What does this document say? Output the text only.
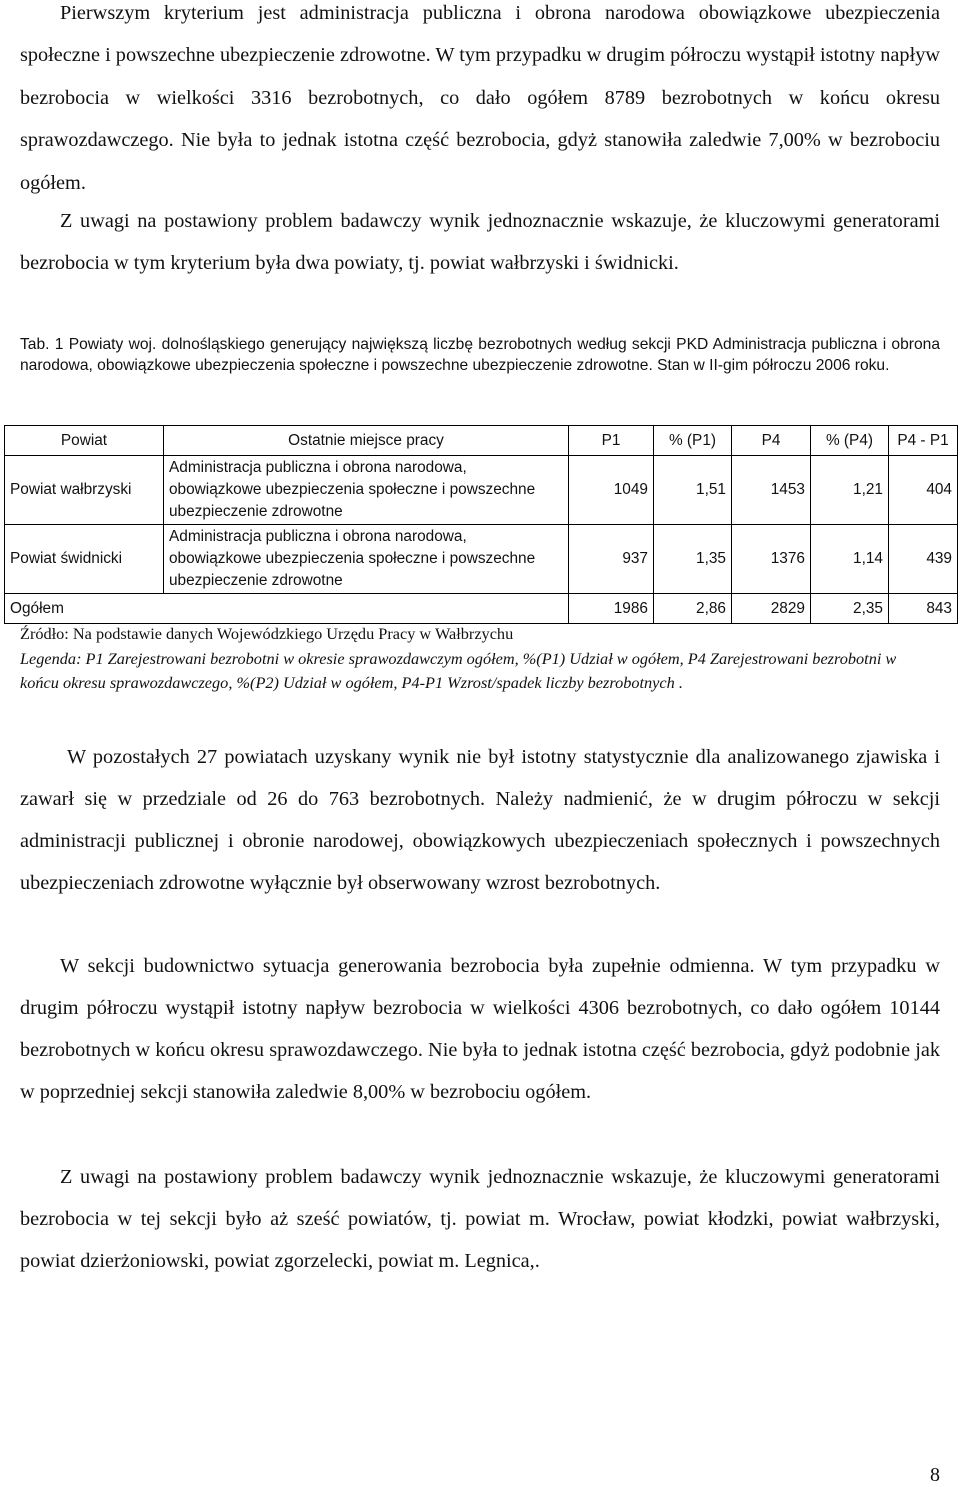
Pierwszym kryterium jest administracja publiczna i obrona narodowa obowiązkowe ubezpieczenia społeczne i powszechne ubezpieczenie zdrowotne. W tym przypadku w drugim półroczu wystąpił istotny napływ bezrobocia w wielkości 3316 bezrobotnych, co dało ogółem 8789 bezrobotnych w końcu okresu sprawozdawczego. Nie była to jednak istotna część bezrobocia, gdyż stanowiła zaledwie 7,00% w bezrobociu ogółem.

Z uwagi na postawiony problem badawczy wynik jednoznacznie wskazuje, że kluczowymi generatorami bezrobocia w tym kryterium była dwa powiaty, tj. powiat wałbrzyski i świdnicki.

Tab. 1 Powiaty woj. dolnośląskiego generujący największą liczbę bezrobotnych według sekcji PKD Administracja publiczna i obrona narodowa, obowiązkowe ubezpieczenia społeczne i powszechne ubezpieczenie zdrowotne. Stan w II-gim półroczu 2006 roku.

Powiat	Ostatnie miejsce pracy	P1	% (P1)	P4	% (P4)	P4 - P1
Powiat wałbrzyski	Administracja publiczna i obrona narodowa, obowiązkowe ubezpieczenia społeczne i powszechne ubezpieczenie zdrowotne	1049	1,51	1453	1,21	404
Powiat świdnicki	Administracja publiczna i obrona narodowa, obowiązkowe ubezpieczenia społeczne i powszechne ubezpieczenie zdrowotne	937	1,35	1376	1,14	439
Ogółem		1986	2,86	2829	2,35	843

Źródło: Na podstawie danych Wojewódzkiego Urzędu Pracy w Wałbrzychu

Legenda: P1 Zarejestrowani bezrobotni w okresie sprawozdawczym ogółem, %(P1) Udział w ogółem, P4 Zarejestrowani bezrobotni w końcu okresu sprawozdawczego, %(P2) Udział w ogółem, P4-P1 Wzrost/spadek liczby bezrobotnych .

W pozostałych 27 powiatach uzyskany wynik nie był istotny statystycznie dla analizowanego zjawiska i zawarł się w przedziale od 26 do 763 bezrobotnych. Należy nadmienić, że w drugim półroczu w sekcji administracji publicznej i obronie narodowej, obowiązkowych ubezpieczeniach społecznych i powszechnych ubezpieczeniach zdrowotne wyłącznie był obserwowany wzrost bezrobotnych.

W sekcji budownictwo sytuacja generowania bezrobocia była zupełnie odmienna. W tym przypadku w drugim półroczu wystąpił istotny napływ bezrobocia w wielkości 4306 bezrobotnych, co dało ogółem 10144 bezrobotnych w końcu okresu sprawozdawczego. Nie była to jednak istotna część bezrobocia, gdyż podobnie jak w poprzedniej sekcji stanowiła zaledwie 8,00% w bezrobociu ogółem.

Z uwagi na postawiony problem badawczy wynik jednoznacznie wskazuje, że kluczowymi generatorami bezrobocia w tej sekcji było aż sześć powiatów, tj. powiat m. Wrocław, powiat kłodzki, powiat wałbrzyski, powiat dzierżoniowski, powiat zgorzelecki, powiat m. Legnica,.

8
